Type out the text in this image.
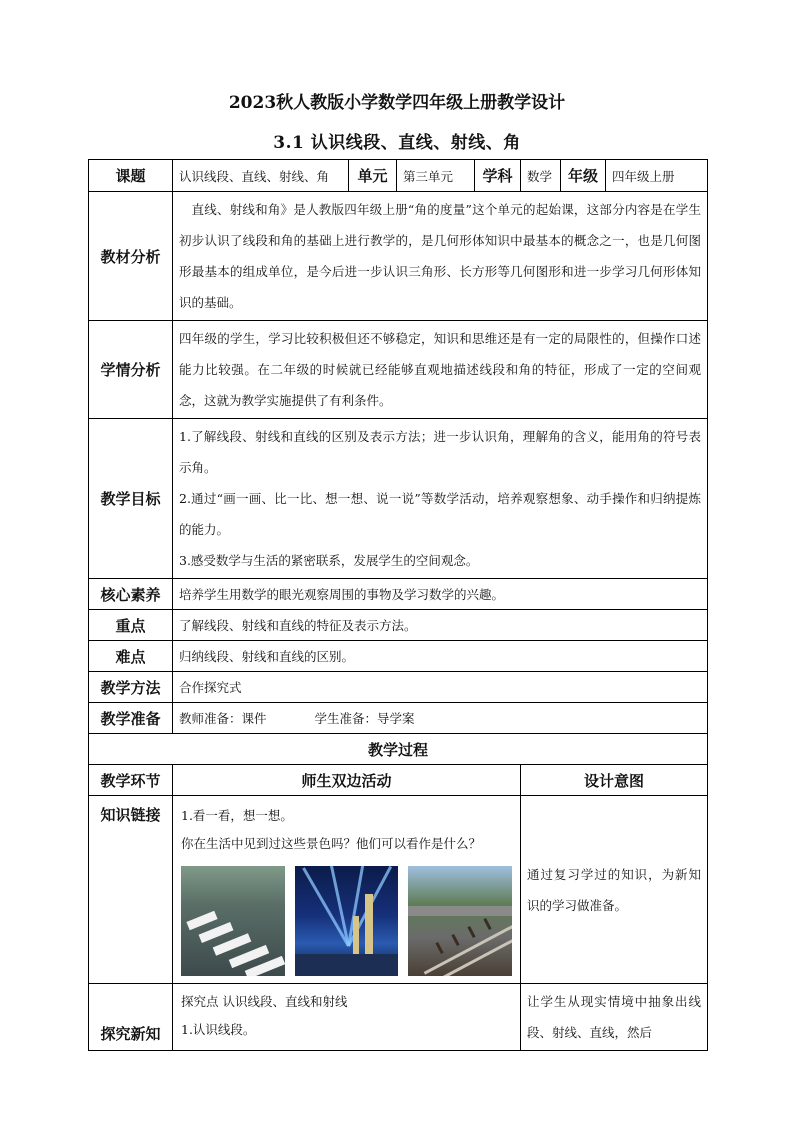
2023秋人教版小学数学四年级上册教学设计
3.1 认识线段、直线、射线、角
课题	认识线段、直线、射线、角	单元	第三单元	学科	数学	年级	四年级上册
教材分析	直线、射线和角》是人教版四年级上册“角的度量”这个单元的起始课，这部分内容是在学生初步认识了线段和角的基础上进行教学的，是几何形体知识中最基本的概念之一，也是几何图形最基本的组成单位，是今后进一步认识三角形、长方形等几何图形和进一步学习几何形体知识的基础。						
学情分析	四年级的学生，学习比较积极但还不够稳定，知识和思维还是有一定的局限性的，但操作口述能力比较强。在二年级的时候就已经能够直观地描述线段和角的特征，形成了一定的空间观念，这就为教学实施提供了有利条件。						
教学目标	1.了解线段、射线和直线的区别及表示方法；进一步认识角，理解角的含义，能用角的符号表示角。

2.通过“画一画、比一比、想一想、说一说”等数学活动，培养观察想象、动手操作和归纳提炼的能力。

3.感受数学与生活的紧密联系，发展学生的空间观念。						

核心素养	培养学生用数学的眼光观察周围的事物及学习数学的兴趣。						
重点	了解线段、射线和直线的特征及表示方法。						
难点	归纳线段、射线和直线的区别。						
教学方法	合作探究式						
教学准备	教师准备：课件 学生准备：导学案						
教学过程							
教学环节	师生双边活动				设计意图		
知识链接	1.看一看，想一想。
你在生活中见到过这些景色吗？他们可以看作是什么？				通过复习学过的知识，为新知识的学习做准备。		
探究新知	探究点 认识线段、直线和射线
1.认识线段。				让学生从现实情境中抽象出线段、射线、直线，然后		
